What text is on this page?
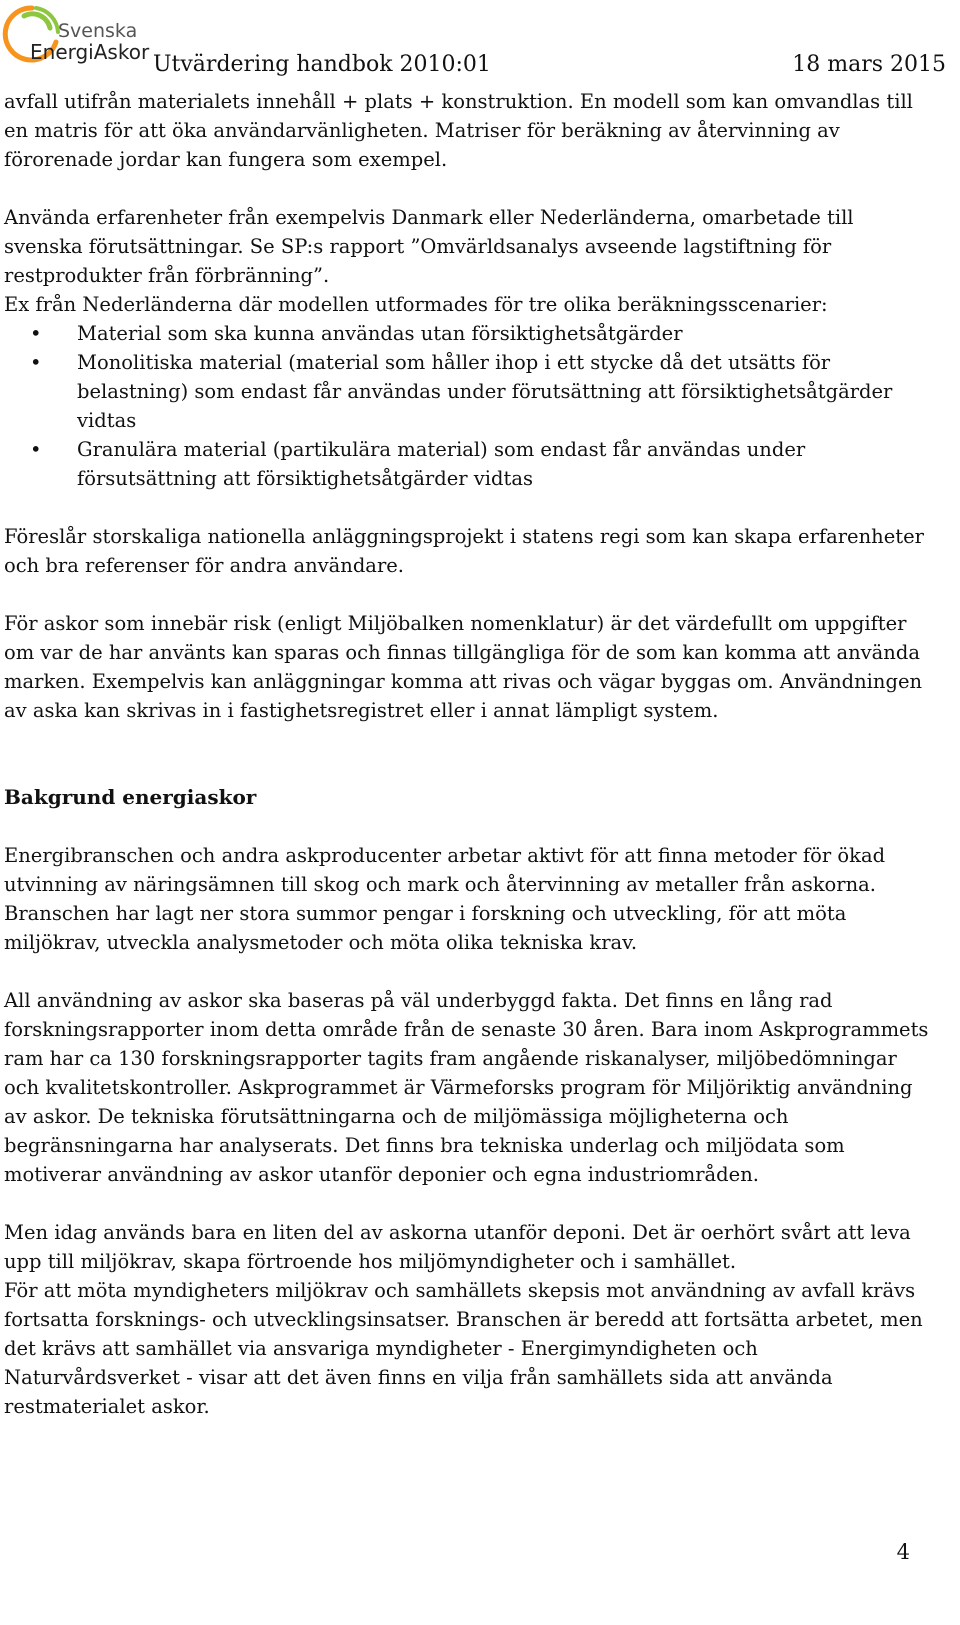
Svenska
EnergiAskor Utvärdering handbok 2010:01	18 mars 2015

avfall utifrån materialets innehåll + plats + konstruktion. En modell som kan omvandlas till en matris för att öka användarvänligheten. Matriser för beräkning av återvinning av förorenade jordar kan fungera som exempel.

Använda erfarenheter från exempelvis Danmark eller Nederländerna, omarbetade till svenska förutsättningar. Se SP:s rapport ”Omvärldsanalys avseende lagstiftning för restprodukter från förbränning”.

Ex från Nederländerna där modellen utformades för tre olika beräkningsscenarier:

• Material som ska kunna användas utan försiktighetsåtgärder
• Monolitiska material (material som håller ihop i ett stycke då det utsätts för belastning) som endast får användas under förutsättning att försiktighetsåtgärder vidtas
• Granulära material (partikulära material) som endast får användas under försutsättning att försiktighetsåtgärder vidtas

Föreslår storskaliga nationella anläggningsprojekt i statens regi som kan skapa erfarenheter och bra referenser för andra användare.

För askor som innebär risk (enligt Miljöbalken nomenklatur) är det värdefullt om uppgifter om var de har använts kan sparas och finnas tillgängliga för de som kan komma att använda marken. Exempelvis kan anläggningar komma att rivas och vägar byggas om. Användningen av aska kan skrivas in i fastighetsregistret eller i annat lämpligt system.

Bakgrund energiaskor

Energibranschen och andra askproducenter arbetar aktivt för att finna metoder för ökad utvinning av näringsämnen till skog och mark och återvinning av metaller från askorna.

Branschen har lagt ner stora summor pengar i forskning och utveckling, för att möta miljökrav, utveckla analysmetoder och möta olika tekniska krav.

All användning av askor ska baseras på väl underbyggd fakta. Det finns en lång rad forskningsrapporter inom detta område från de senaste 30 åren. Bara inom Askprogrammets ram har ca 130 forskningsrapporter tagits fram angående riskanalyser, miljöbedömningar och kvalitetskontroller. Askprogrammet är Värmeforsks program för Miljöriktig användning av askor. De tekniska förutsättningarna och de miljömässiga möjligheterna och begränsningarna har analyserats. Det finns bra tekniska underlag och miljödata som motiverar användning av askor utanför deponier och egna industriområden.

Men idag används bara en liten del av askorna utanför deponi. Det är oerhört svårt att leva upp till miljökrav, skapa förtroende hos miljömyndigheter och i samhället.

För att möta myndigheters miljökrav och samhällets skepsis mot användning av avfall krävs fortsatta forsknings- och utvecklingsinsatser. Branschen är beredd att fortsätta arbetet, men det krävs att samhället via ansvariga myndigheter - Energimyndigheten och Naturvårdsverket - visar att det även finns en vilja från samhällets sida att använda restmaterialet askor.

4
